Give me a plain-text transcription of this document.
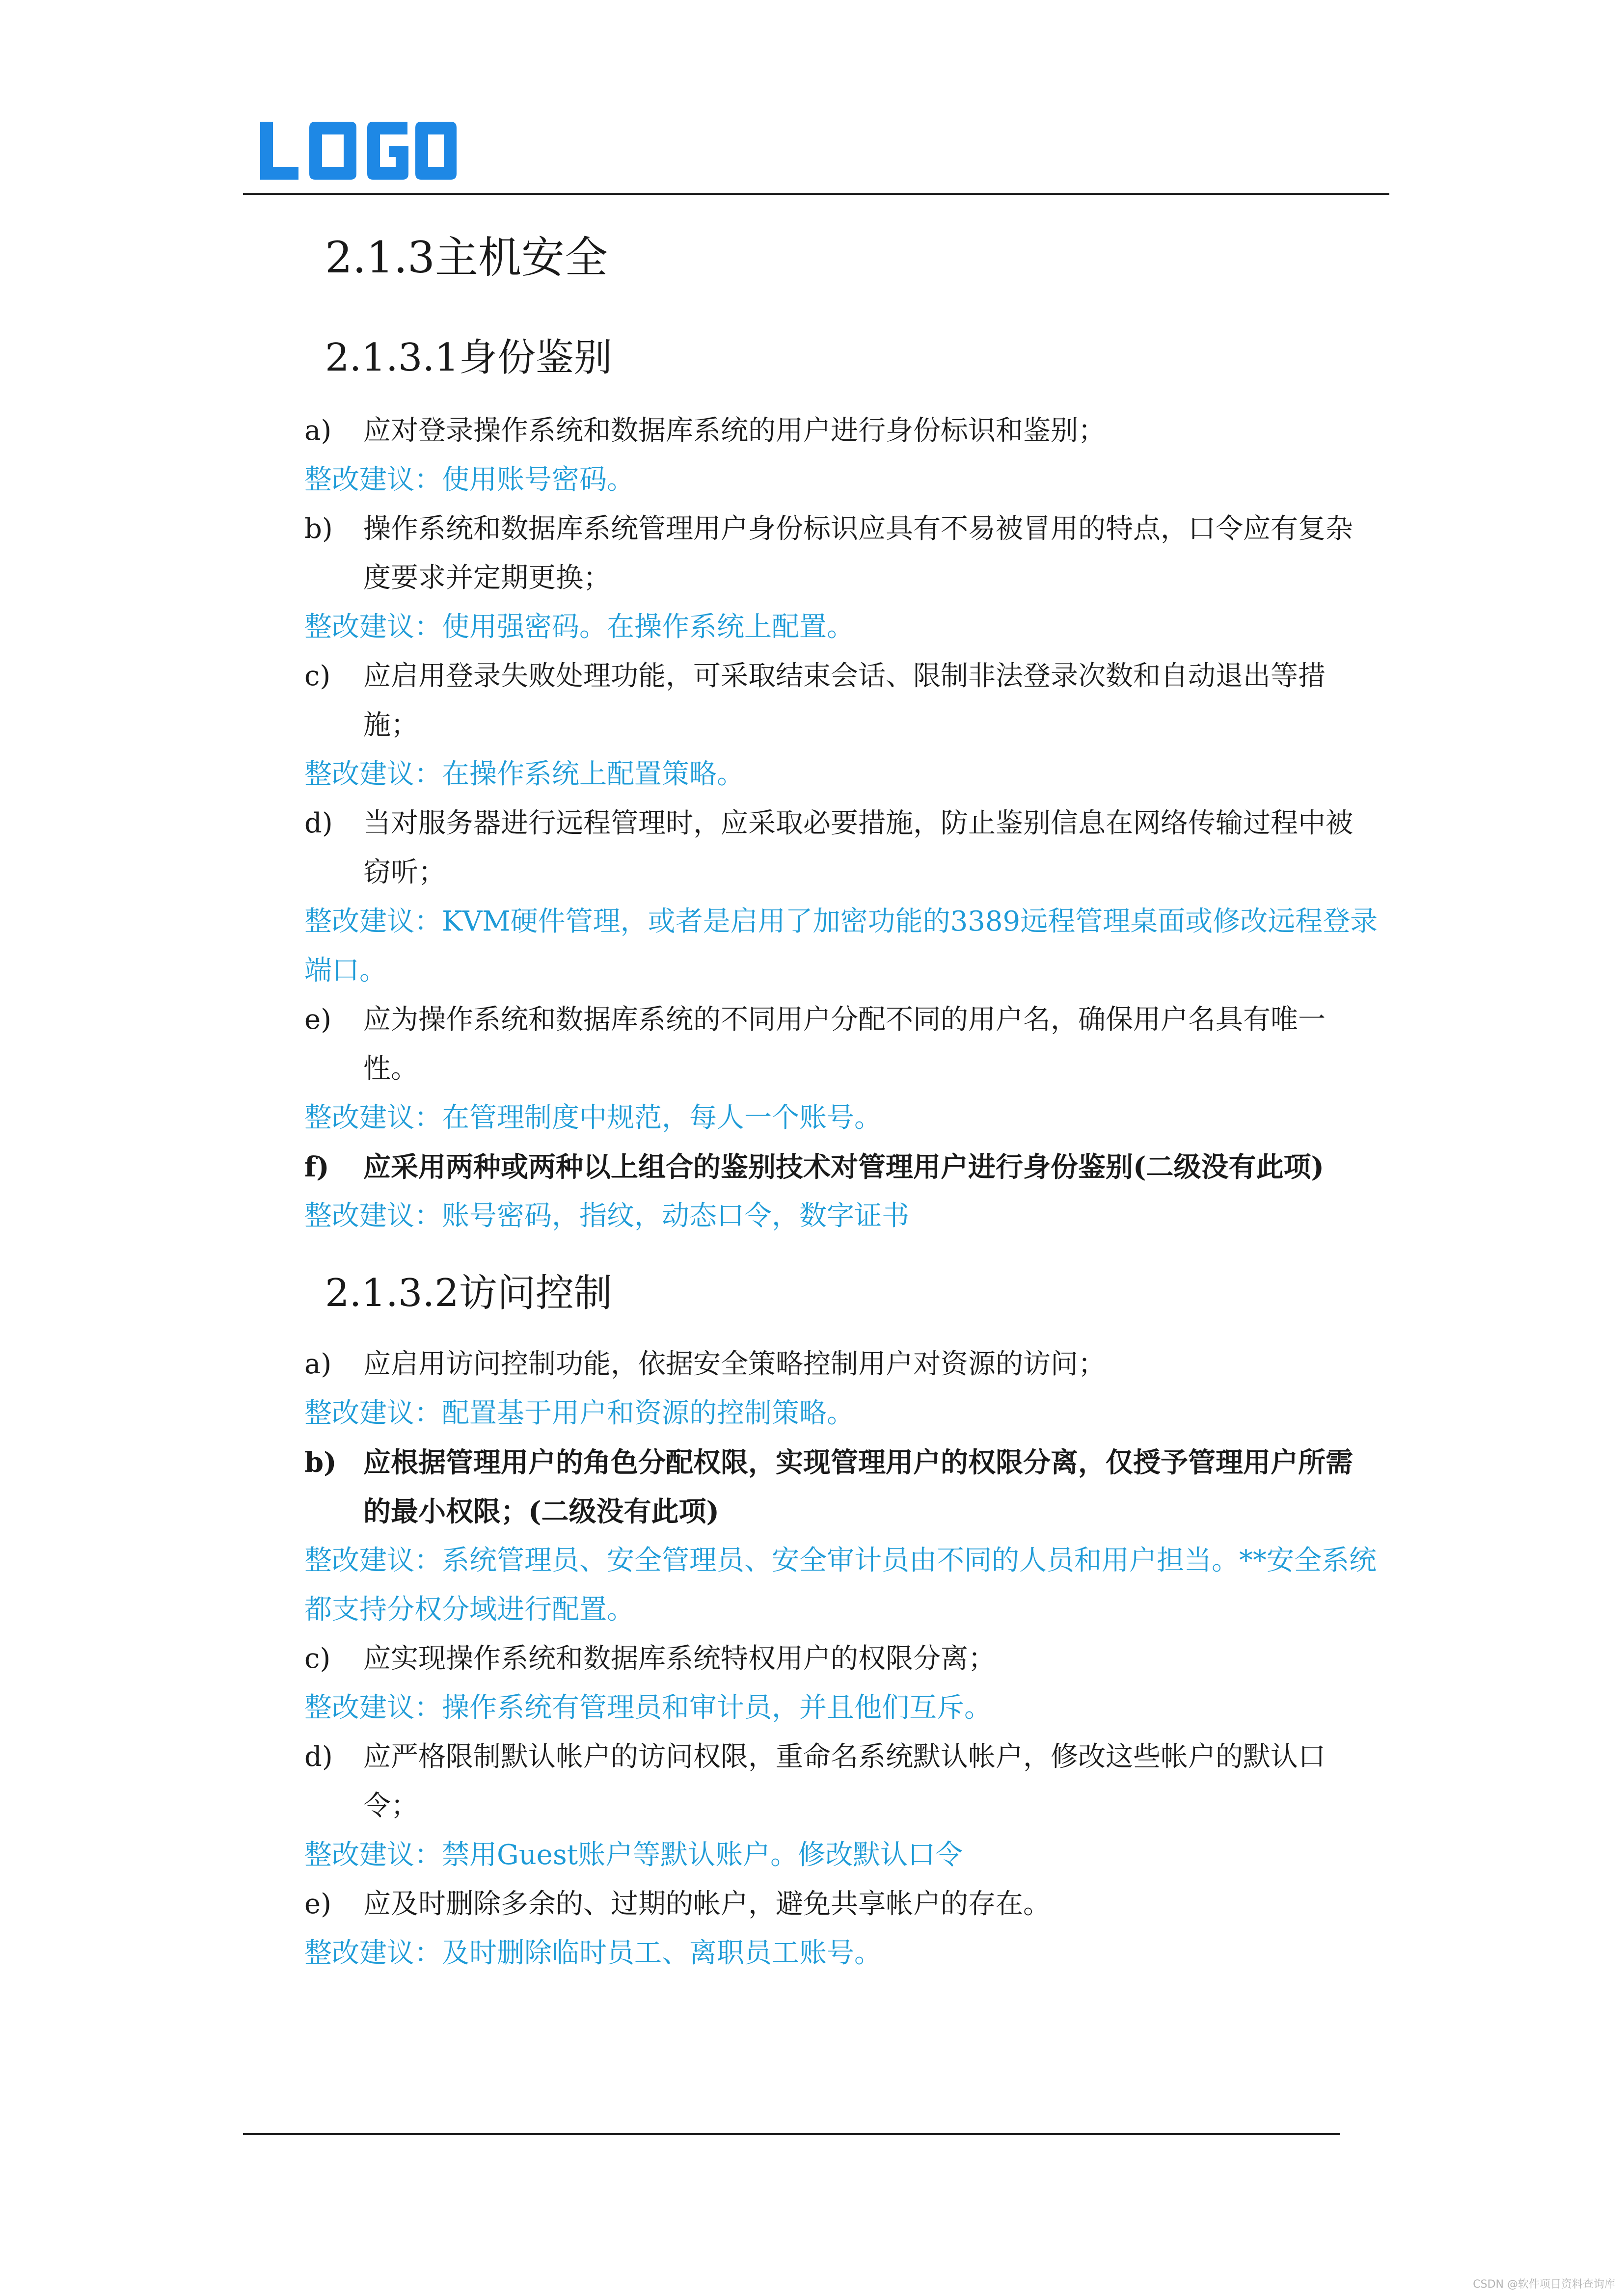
2.1.3主机安全
2.1.3.1身份鉴别
a)	应对登录操作系统和数据库系统的用户进行身份标识和鉴别；
整改建议：使用账号密码。
b)	操作系统和数据库系统管理用户身份标识应具有不易被冒用的特点，口令应有复杂度要求并定期更换；
整改建议：使用强密码。在操作系统上配置。
c)	应启用登录失败处理功能，可采取结束会话、限制非法登录次数和自动退出等措施；
整改建议：在操作系统上配置策略。
d)	当对服务器进行远程管理时，应采取必要措施，防止鉴别信息在网络传输过程中被窃听；
整改建议：KVM硬件管理，或者是启用了加密功能的3389远程管理桌面或修改远程登录端口。
e)	应为操作系统和数据库系统的不同用户分配不同的用户名，确保用户名具有唯一性。
整改建议：在管理制度中规范，每人一个账号。
f)	应采用两种或两种以上组合的鉴别技术对管理用户进行身份鉴别(二级没有此项)
整改建议：账号密码，指纹，动态口令，数字证书
2.1.3.2访问控制
a)	应启用访问控制功能，依据安全策略控制用户对资源的访问；
整改建议：配置基于用户和资源的控制策略。
b) 应根据管理用户的角色分配权限，实现管理用户的权限分离，仅授予管理用户所需的最小权限；(二级没有此项)
整改建议：系统管理员、安全管理员、安全审计员由不同的人员和用户担当。**安全系统都支持分权分域进行配置。
c)	应实现操作系统和数据库系统特权用户的权限分离；
整改建议：操作系统有管理员和审计员，并且他们互斥。
d)	应严格限制默认帐户的访问权限，重命名系统默认帐户，修改这些帐户的默认口令；
整改建议：禁用Guest账户等默认账户。修改默认口令
e)	应及时删除多余的、过期的帐户，避免共享帐户的存在。
整改建议：及时删除临时员工、离职员工账号。
CSDN @软件项目资料查询库
